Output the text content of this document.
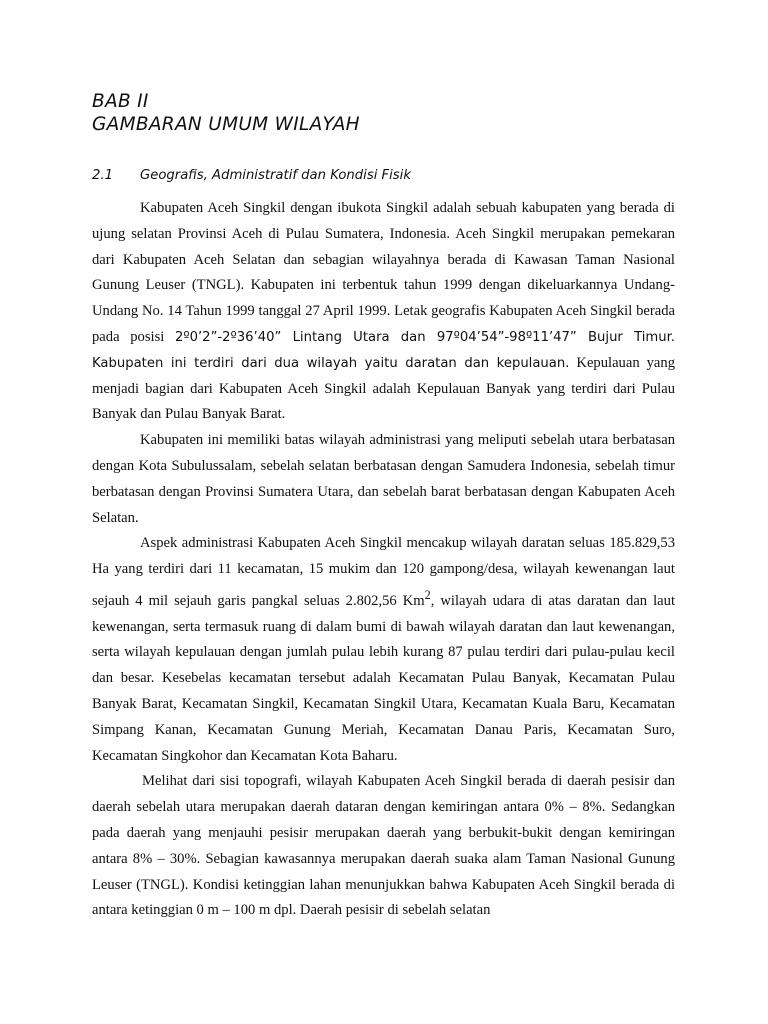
BAB II
GAMBARAN UMUM WILAYAH
2.1 Geografis, Administratif dan Kondisi Fisik

Kabupaten Aceh Singkil dengan ibukota Singkil adalah sebuah kabupaten yang berada di ujung selatan Provinsi Aceh di Pulau Sumatera, Indonesia. Aceh Singkil merupakan pemekaran dari Kabupaten Aceh Selatan dan sebagian wilayahnya berada di Kawasan Taman Nasional Gunung Leuser (TNGL). Kabupaten ini terbentuk tahun 1999 dengan dikeluarkannya Undang-Undang No. 14 Tahun 1999 tanggal 27 April 1999. Letak geografis Kabupaten Aceh Singkil berada pada posisi 2º0’2”-2º36’40” Lintang Utara dan 97º04’54”-98º11’47” Bujur Timur. Kabupaten ini terdiri dari dua wilayah yaitu daratan dan kepulauan. Kepulauan yang menjadi bagian dari Kabupaten Aceh Singkil adalah Kepulauan Banyak yang terdiri dari Pulau Banyak dan Pulau Banyak Barat.

Kabupaten ini memiliki batas wilayah administrasi yang meliputi sebelah utara berbatasan dengan Kota Subulussalam, sebelah selatan berbatasan dengan Samudera Indonesia, sebelah timur berbatasan dengan Provinsi Sumatera Utara, dan sebelah barat berbatasan dengan Kabupaten Aceh Selatan.

Aspek administrasi Kabupaten Aceh Singkil mencakup wilayah daratan seluas 185.829,53 Ha yang terdiri dari 11 kecamatan, 15 mukim dan 120 gampong/desa, wilayah kewenangan laut sejauh 4 mil sejauh garis pangkal seluas 2.802,56 Km$^2$, wilayah udara di atas daratan dan laut kewenangan, serta termasuk ruang di dalam bumi di bawah wilayah daratan dan laut kewenangan, serta wilayah kepulauan dengan jumlah pulau lebih kurang 87 pulau terdiri dari pulau-pulau kecil dan besar. Kesebelas kecamatan tersebut adalah Kecamatan Pulau Banyak, Kecamatan Pulau Banyak Barat, Kecamatan Singkil, Kecamatan Singkil Utara, Kecamatan Kuala Baru, Kecamatan Simpang Kanan, Kecamatan Gunung Meriah, Kecamatan Danau Paris, Kecamatan Suro, Kecamatan Singkohor dan Kecamatan Kota Baharu.

Melihat dari sisi topografi, wilayah Kabupaten Aceh Singkil berada di daerah pesisir dan daerah sebelah utara merupakan daerah dataran dengan kemiringan antara 0% – 8%. Sedangkan pada daerah yang menjauhi pesisir merupakan daerah yang berbukit-bukit dengan kemiringan antara 8% – 30%. Sebagian kawasannya merupakan daerah suaka alam Taman Nasional Gunung Leuser (TNGL). Kondisi ketinggian lahan menunjukkan bahwa Kabupaten Aceh Singkil berada di antara ketinggian 0 m – 100 m dpl. Daerah pesisir di sebelah selatan
